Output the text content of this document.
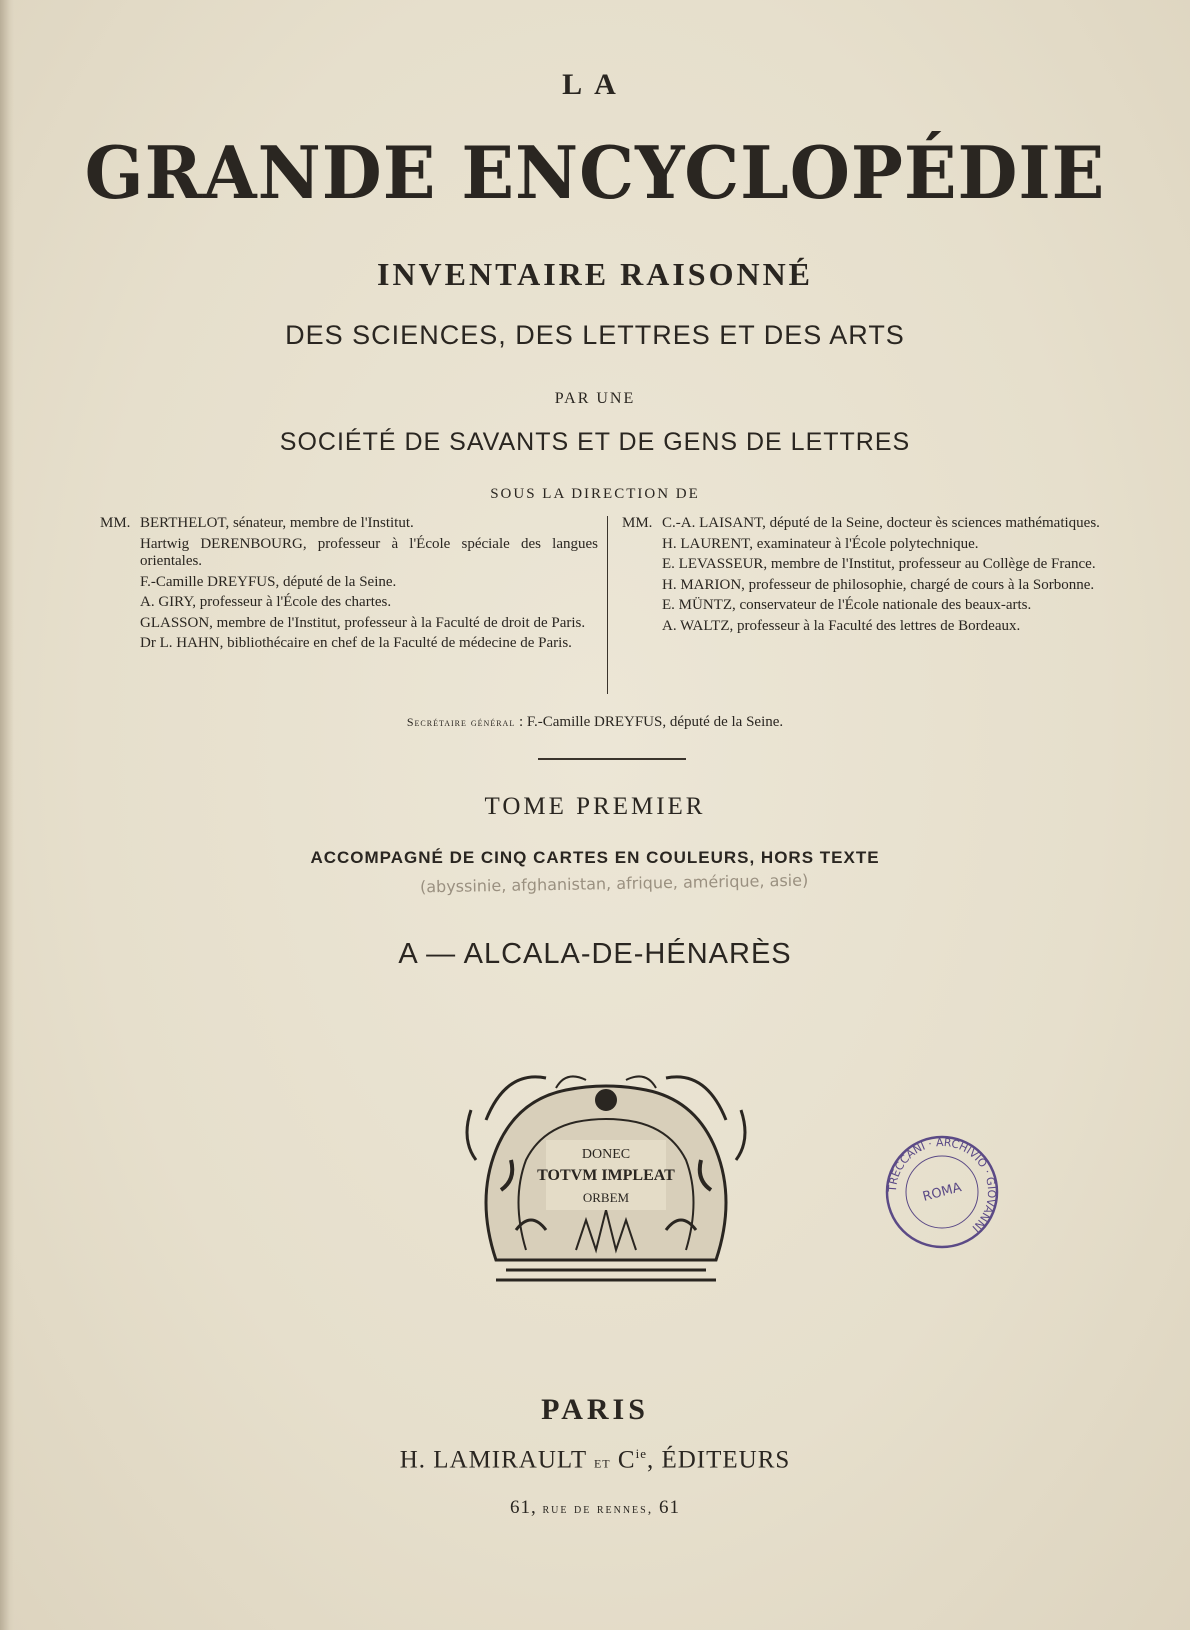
LA
GRANDE ENCYCLOPÉDIE
INVENTAIRE RAISONNÉ
DES SCIENCES, DES LETTRES ET DES ARTS
PAR UNE
SOCIÉTÉ DE SAVANTS ET DE GENS DE LETTRES
SOUS LA DIRECTION DE
MM. BERTHELOT, sénateur, membre de l'Institut.
Hartwig DERENBOURG, professeur à l'École spéciale des langues orientales.
F.-Camille DREYFUS, député de la Seine.
A. GIRY, professeur à l'École des chartes.
GLASSON, membre de l'Institut, professeur à la Faculté de droit de Paris.
Dr L. HAHN, bibliothécaire en chef de la Faculté de médecine de Paris.
MM. C.-A. LAISANT, député de la Seine, docteur ès sciences mathématiques.
H. LAURENT, examinateur à l'École polytechnique.
E. LEVASSEUR, membre de l'Institut, professeur au Collège de France.
H. MARION, professeur de philosophie, chargé de cours à la Sorbonne.
E. MÜNTZ, conservateur de l'École nationale des beaux-arts.
A. WALTZ, professeur à la Faculté des lettres de Bordeaux.
Secrétaire général : F.-Camille DREYFUS, député de la Seine.
TOME PREMIER
ACCOMPAGNÉ DE CINQ CARTES EN COULEURS, HORS TEXTE
(abyssinie, afghanistan, afrique, amérique, asie)
A — ALCALA-DE-HÉNARÈS
DONEC
TOTVM IMPLEAT
ORBEM	ROMA
TRECCANI · ARCHIVIO · GIOVANNI
PARIS
H. LAMIRAULT et $C^{ie}$, ÉDITEURS
61, rue de rennes, 61
